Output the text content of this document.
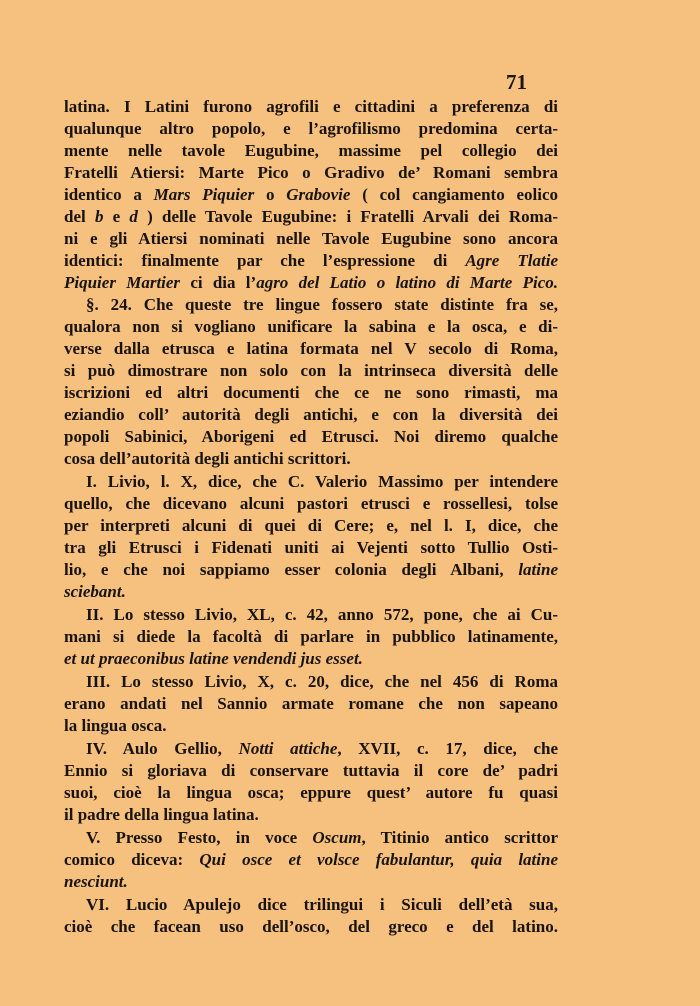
71
latina. I Latini furono agrofili e cittadini a preferenza di
qualunque altro popolo, e l’agrofilismo predomina certa-
mente nelle tavole Eugubine, massime pel collegio dei
Fratelli Atiersi: Marte Pico o Gradivo de’ Romani sembra
identico a Mars Piquier o Grabovie ( col cangiamento eolico
del b e d ) delle Tavole Eugubine: i Fratelli Arvali dei Roma-
ni e gli Atiersi nominati nelle Tavole Eugubine sono ancora
identici: finalmente par che l’espressione di Agre Tlatie
Piquier Martier ci dia l’agro del Latio o latino di Marte Pico.
§. 24. Che queste tre lingue fossero state distinte fra se,
qualora non si vogliano unificare la sabina e la osca, e di-
verse dalla etrusca e latina formata nel V secolo di Roma,
si può dimostrare non solo con la intrinseca diversità delle
iscrizioni ed altri documenti che ce ne sono rimasti, ma
eziandio coll’ autorità degli antichi, e con la diversità dei
popoli Sabinici, Aborigeni ed Etrusci. Noi diremo qualche
cosa dell’autorità degli antichi scrittori.
I. Livio, l. X, dice, che C. Valerio Massimo per intendere
quello, che dicevano alcuni pastori etrusci e rossellesi, tolse
per interpreti alcuni di quei di Cere; e, nel l. I, dice, che
tra gli Etrusci i Fidenati uniti ai Vejenti sotto Tullio Osti-
lio, e che noi sappiamo esser colonia degli Albani, latine
sciebant.
II. Lo stesso Livio, XL, c. 42, anno 572, pone, che ai Cu-
mani si diede la facoltà di parlare in pubblico latinamente,
et ut praeconibus latine vendendi jus esset.
III. Lo stesso Livio, X, c. 20, dice, che nel 456 di Roma
erano andati nel Sannio armate romane che non sapeano
la lingua osca.
IV. Aulo Gellio, Notti attiche, XVII, c. 17, dice, che
Ennio si gloriava di conservare tuttavia il core de’ padri
suoi, cioè la lingua osca; eppure quest’ autore fu quasi
il padre della lingua latina.
V. Presso Festo, in voce Oscum, Titinio antico scrittor
comico diceva: Qui osce et volsce fabulantur, quia latine
nesciunt.
VI. Lucio Apulejo dice trilingui i Siculi dell’età sua,
cioè che facean uso dell’osco, del greco e del latino.
